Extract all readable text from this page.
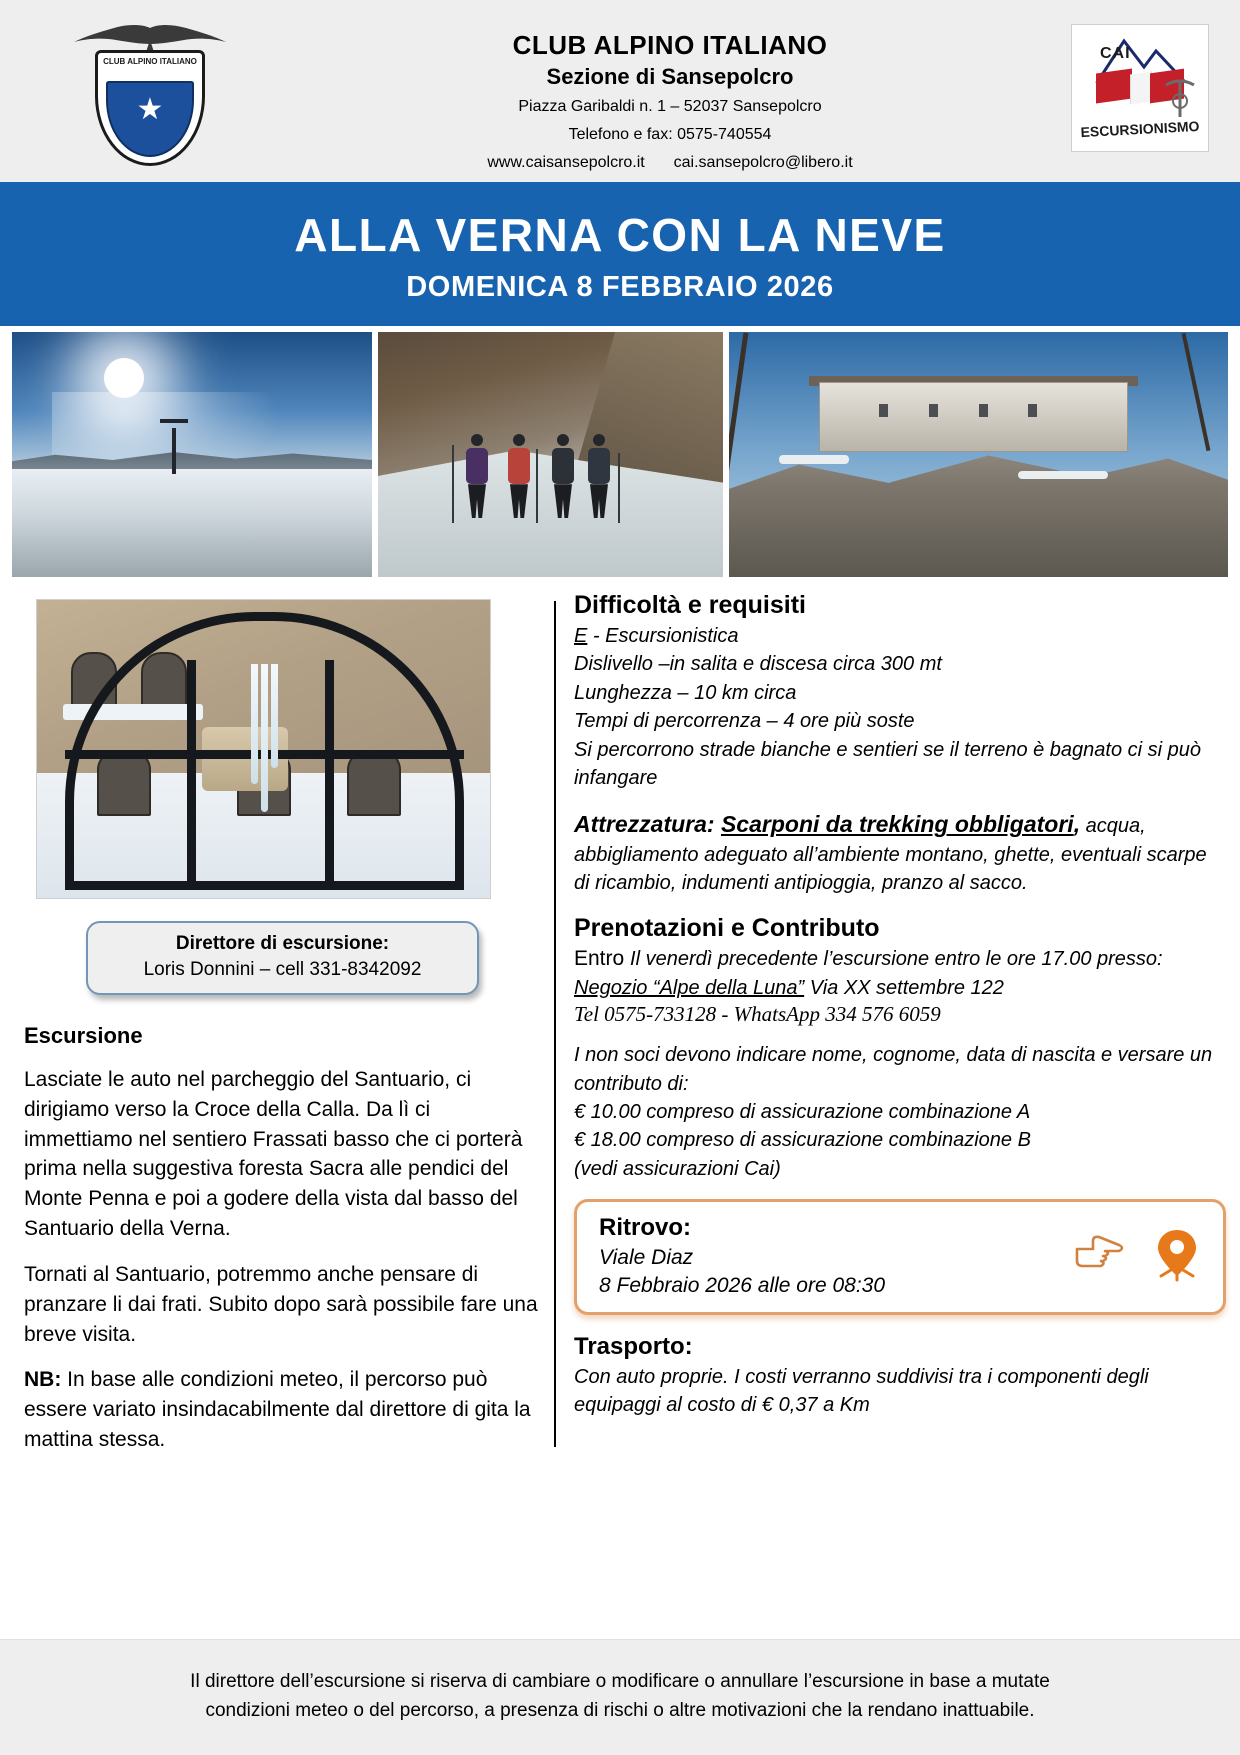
CLUB ALPINO ITALIANO
★
CLUB ALPINO ITALIANO
Sezione di Sansepolcro
Piazza Garibaldi n. 1 – 52037 Sansepolcro
Telefono e fax: 0575-740554
www.caisansepolcro.it cai.sansepolcro@libero.it
CAI
ESCURSIONISMO
ALLA VERNA CON LA NEVE
DOMENICA 8 FEBBRAIO 2026
Direttore di escursione:
Loris Donnini – cell 331-8342092
Escursione
Lasciate le auto nel parcheggio del Santuario, ci dirigiamo verso la Croce della Calla. Da lì ci immettiamo nel sentiero Frassati basso che ci porterà prima nella suggestiva foresta Sacra alle pendici del Monte Penna e poi a godere della vista dal basso del Santuario della Verna.
Tornati al Santuario, potremmo anche pensare di pranzare li dai frati. Subito dopo sarà possibile fare una breve visita.
NB: In base alle condizioni meteo, il percorso può essere variato insindacabilmente dal direttore di gita la mattina stessa.
Difficoltà e requisiti
E - Escursionistica
Dislivello –in salita e discesa circa 300 mt
Lunghezza – 10 km circa
Tempi di percorrenza – 4 ore più soste
Si percorrono strade bianche e sentieri se il terreno è bagnato ci si può infangare
Attrezzatura: Scarponi da trekking obbligatori, acqua, abbigliamento adeguato all’ambiente montano, ghette, eventuali scarpe di ricambio, indumenti antipioggia, pranzo al sacco.
Prenotazioni e Contributo
Entro Il venerdì precedente l’escursione entro le ore 17.00 presso:
Negozio “Alpe della Luna” Via XX settembre 122
Tel 0575-733128 - WhatsApp 334 576 6059
I non soci devono indicare nome, cognome, data di nascita e versare un contributo di:
€ 10.00 compreso di assicurazione combinazione A
€ 18.00 compreso di assicurazione combinazione B
(vedi assicurazioni Cai)
Ritrovo:
Viale Diaz
8 Febbraio 2026 alle ore 08:30
Trasporto:
Con auto proprie. I costi verranno suddivisi tra i componenti degli equipaggi al costo di € 0,37 a Km
Il direttore dell’escursione si riserva di cambiare o modificare o annullare l’escursione in base a mutate
condizioni meteo o del percorso, a presenza di rischi o altre motivazioni che la rendano inattuabile.
